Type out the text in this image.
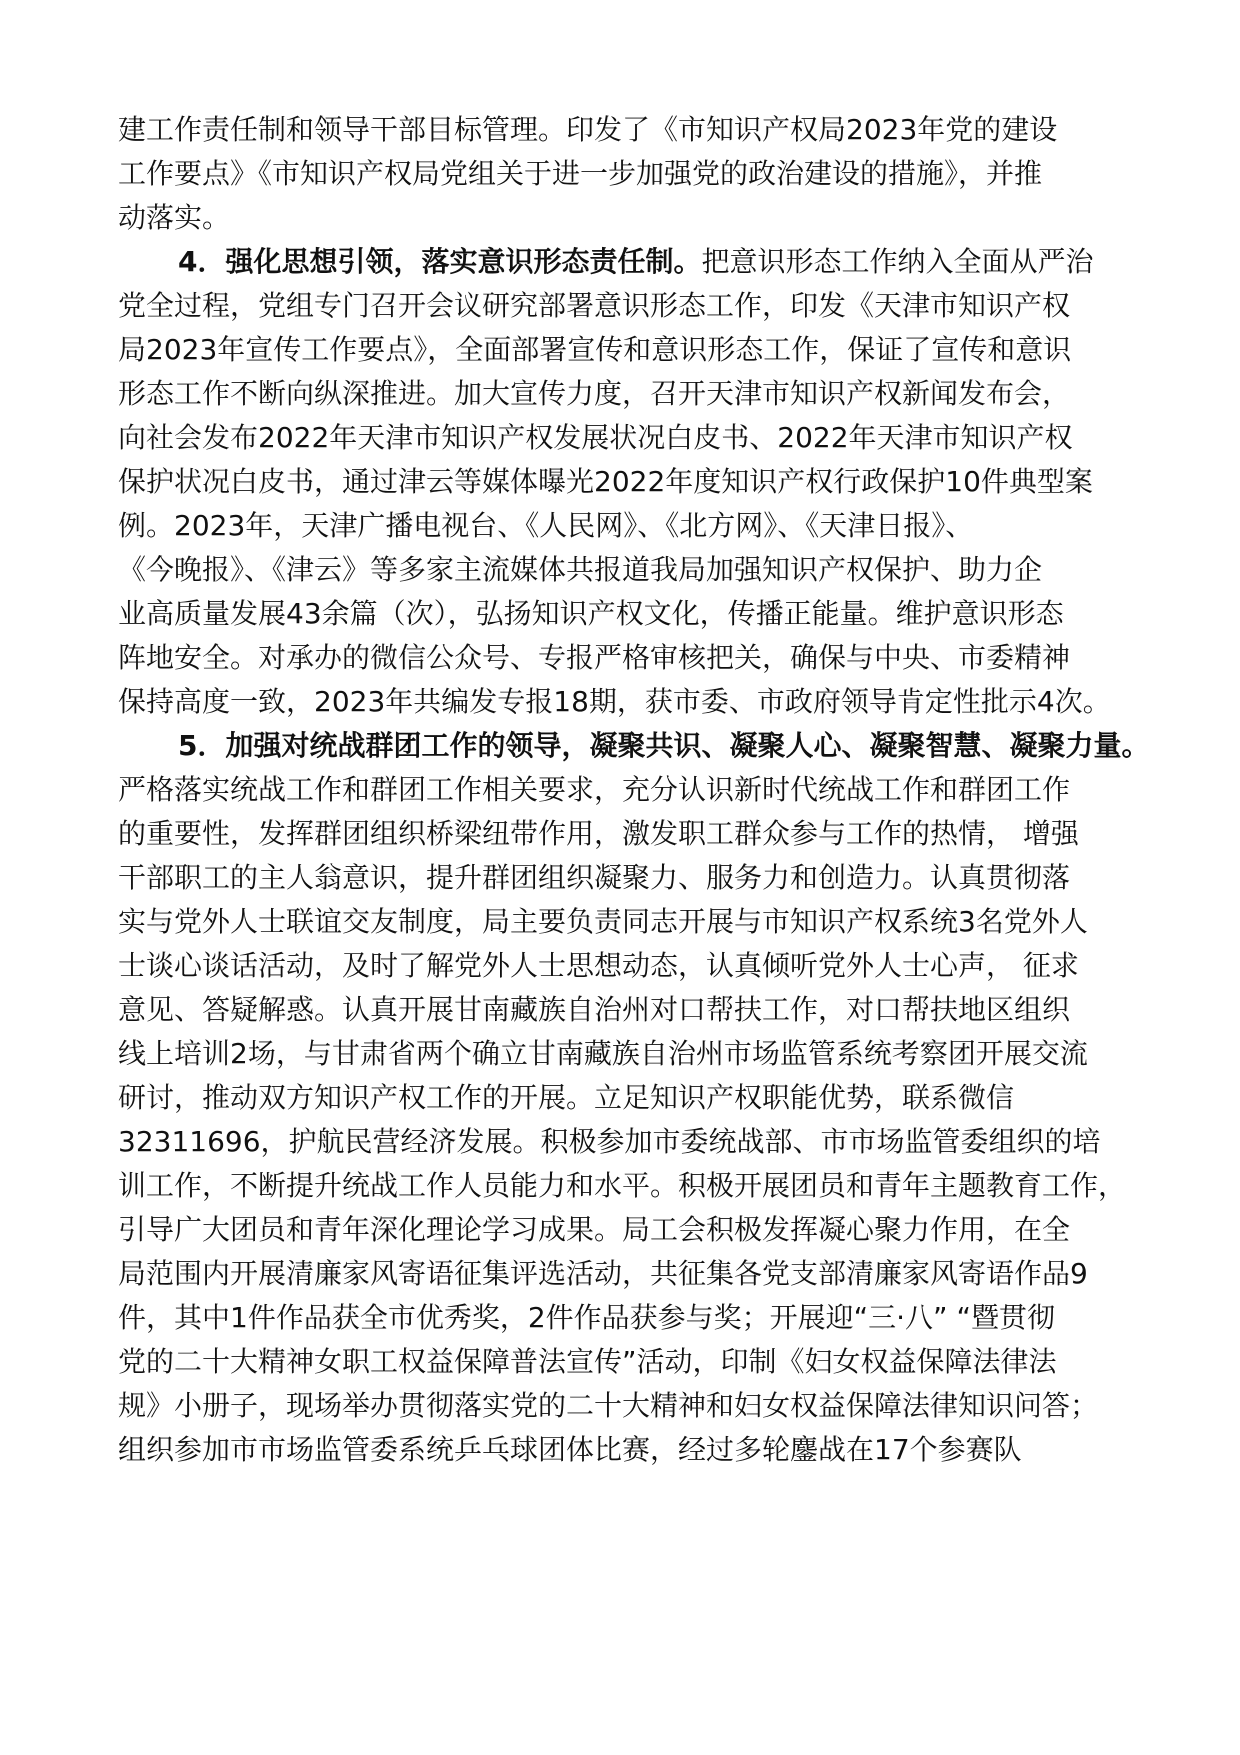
建工作责任制和领导干部目标管理。印发了《市知识产权局2023年党的建设
工作要点》《市知识产权局党组关于进一步加强党的政治建设的措施》，并推
动落实。
4．强化思想引领，落实意识形态责任制。把意识形态工作纳入全面从严治
党全过程，党组专门召开会议研究部署意识形态工作，印发《天津市知识产权
局2023年宣传工作要点》，全面部署宣传和意识形态工作，保证了宣传和意识
形态工作不断向纵深推进。加大宣传力度，召开天津市知识产权新闻发布会，
向社会发布2022年天津市知识产权发展状况白皮书、2022年天津市知识产权
保护状况白皮书，通过津云等媒体曝光2022年度知识产权行政保护10件典型案
例。2023年，天津广播电视台、《人民网》、《北方网》、《天津日报》、
《今晚报》、《津云》等多家主流媒体共报道我局加强知识产权保护、助力企
业高质量发展43余篇（次），弘扬知识产权文化，传播正能量。维护意识形态
阵地安全。对承办的微信公众号、专报严格审核把关，确保与中央、市委精神
保持高度一致，2023年共编发专报18期，获市委、市政府领导肯定性批示4次。
5．加强对统战群团工作的领导，凝聚共识、凝聚人心、凝聚智慧、凝聚力量。
严格落实统战工作和群团工作相关要求，充分认识新时代统战工作和群团工作
的重要性，发挥群团组织桥梁纽带作用，激发职工群众参与工作的热情， 增强
干部职工的主人翁意识，提升群团组织凝聚力、服务力和创造力。认真贯彻落
实与党外人士联谊交友制度，局主要负责同志开展与市知识产权系统3名党外人
士谈心谈话活动，及时了解党外人士思想动态，认真倾听党外人士心声， 征求
意见、答疑解惑。认真开展甘南藏族自治州对口帮扶工作，对口帮扶地区组织
线上培训2场，与甘肃省两个确立甘南藏族自治州市场监管系统考察团开展交流
研讨，推动双方知识产权工作的开展。立足知识产权职能优势，联系微信
32311696，护航民营经济发展。积极参加市委统战部、市市场监管委组织的培
训工作，不断提升统战工作人员能力和水平。积极开展团员和青年主题教育工作，
引导广大团员和青年深化理论学习成果。局工会积极发挥凝心聚力作用，在全
局范围内开展清廉家风寄语征集评选活动，共征集各党支部清廉家风寄语作品9
件，其中1件作品获全市优秀奖，2件作品获参与奖；开展迎“三·八” “暨贯彻
党的二十大精神女职工权益保障普法宣传”活动，印制《妇女权益保障法律法
规》小册子，现场举办贯彻落实党的二十大精神和妇女权益保障法律知识问答；
组织参加市市场监管委系统乒乓球团体比赛，经过多轮鏖战在17个参赛队
